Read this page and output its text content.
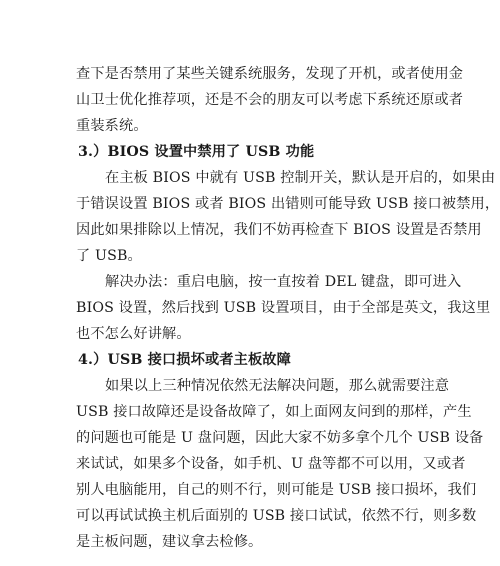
查下是否禁用了某些关键系统服务，发现了开机，或者使用金
山卫士优化推荐项，还是不会的朋友可以考虑下系统还原或者
重装系统。
3.）BIOS 设置中禁用了 USB 功能
在主板 BIOS 中就有 USB 控制开关，默认是开启的，如果由
于错误设置 BIOS 或者 BIOS 出错则可能导致 USB 接口被禁用，
因此如果排除以上情况，我们不妨再检查下 BIOS 设置是否禁用
了 USB。
解决办法：重启电脑，按一直按着 DEL 键盘，即可进入
BIOS 设置，然后找到 USB 设置项目，由于全部是英文，我这里
也不怎么好讲解。
4.）USB 接口损坏或者主板故障
如果以上三种情况依然无法解决问题，那么就需要注意
USB 接口故障还是设备故障了，如上面网友问到的那样，产生
的问题也可能是 U 盘问题，因此大家不妨多拿个几个 USB 设备
来试试，如果多个设备，如手机、U 盘等都不可以用，又或者
别人电脑能用，自己的则不行，则可能是 USB 接口损坏，我们
可以再试试换主机后面别的 USB 接口试试，依然不行，则多数
是主板问题，建议拿去检修。
